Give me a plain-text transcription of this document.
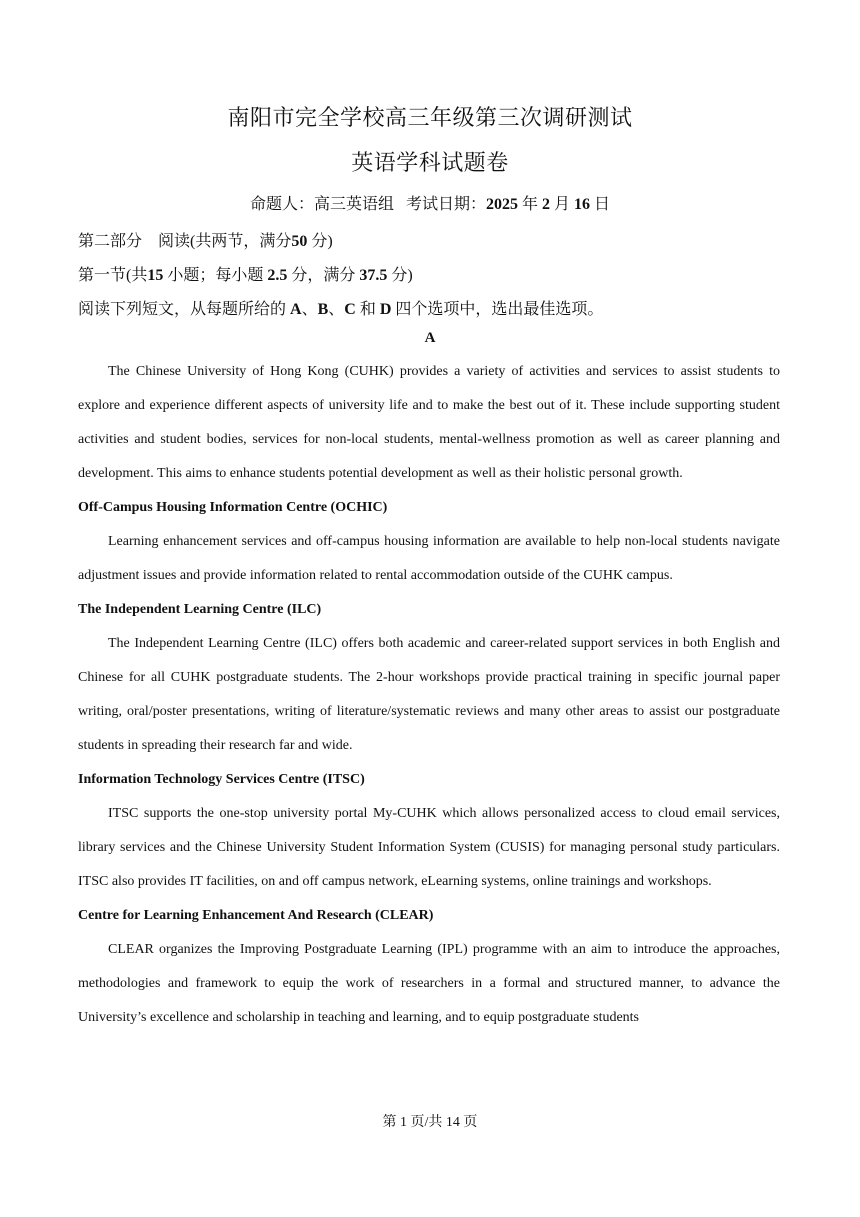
南阳市完全学校高三年级第三次调研测试
英语学科试题卷
命题人：高三英语组 考试日期：2025 年 2 月 16 日
第二部分　阅读(共两节，满分50 分)
第一节(共15 小题；每小题 2.5 分，满分 37.5 分)
阅读下列短文，从每题所给的 A、B、C 和 D 四个选项中，选出最佳选项。
A

The Chinese University of Hong Kong (CUHK) provides a variety of activities and services to assist students to explore and experience different aspects of university life and to make the best out of it. These include supporting student activities and student bodies, services for non-local students, mental-wellness promotion as well as career planning and development. This aims to enhance students potential development as well as their holistic personal growth.

Off-Campus Housing Information Centre (OCHIC)

Learning enhancement services and off-campus housing information are available to help non-local students navigate adjustment issues and provide information related to rental accommodation outside of the CUHK campus.

The Independent Learning Centre (ILC)

The Independent Learning Centre (ILC) offers both academic and career-related support services in both English and Chinese for all CUHK postgraduate students. The 2-hour workshops provide practical training in specific journal paper writing, oral/poster presentations, writing of literature/systematic reviews and many other areas to assist our postgraduate students in spreading their research far and wide.

Information Technology Services Centre (ITSC)

ITSC supports the one-stop university portal My-CUHK which allows personalized access to cloud email services, library services and the Chinese University Student Information System (CUSIS) for managing personal study particulars. ITSC also provides IT facilities, on and off campus network, eLearning systems, online trainings and workshops.

Centre for Learning Enhancement And Research (CLEAR)

CLEAR organizes the Improving Postgraduate Learning (IPL) programme with an aim to introduce the approaches, methodologies and framework to equip the work of researchers in a formal and structured manner, to advance the University’s excellence and scholarship in teaching and learning, and to equip postgraduate students

第 1 页/共 14 页
